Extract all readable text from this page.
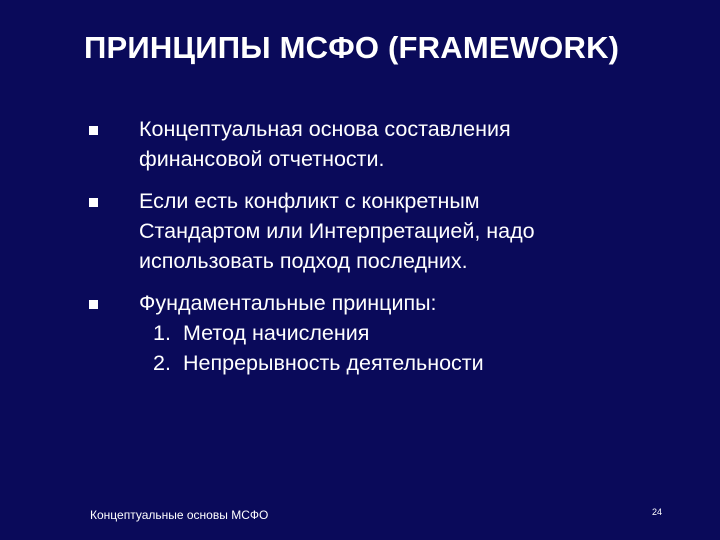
ПРИНЦИПЫ МСФО (FRAMEWORK)
Концептуальная основа составления
финансовой отчетности.
Если есть конфликт с конкретным
Стандартом или Интерпретацией, надо
использовать подход последних.
Фундаментальные принципы:
1. Метод начисления
2. Непрерывность деятельности
Концептуальные основы МСФО	24
